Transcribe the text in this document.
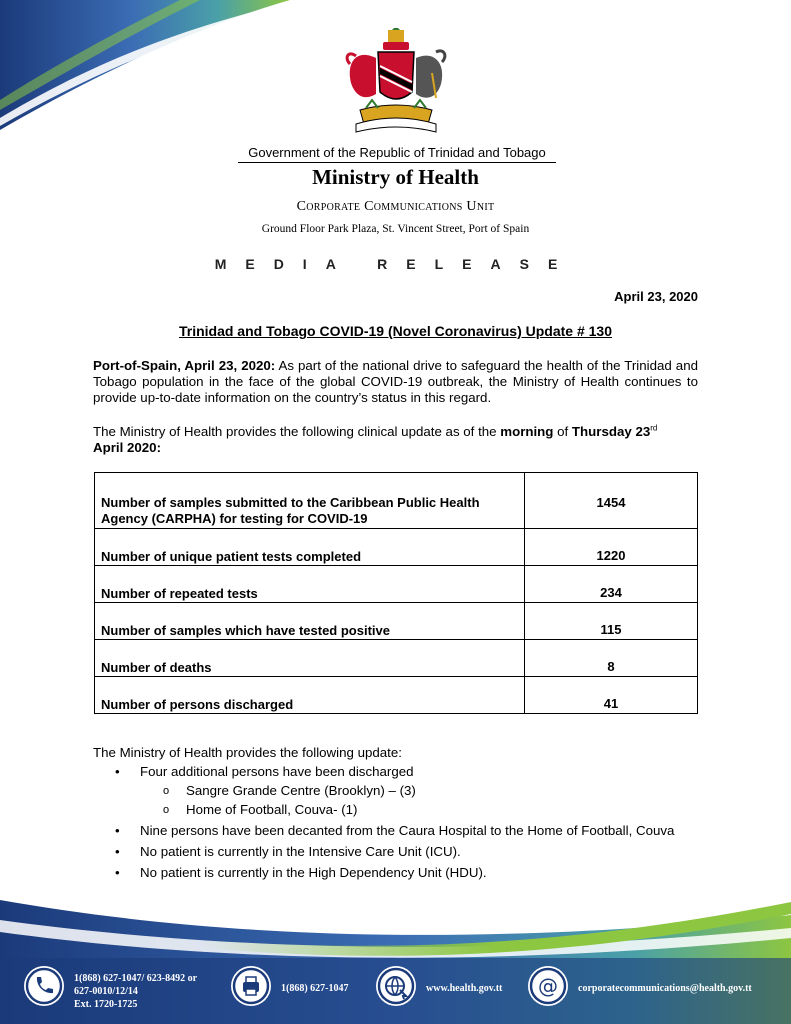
Government of the Republic of Trinidad and Tobago
Ministry of Health
Corporate Communications Unit
Ground Floor Park Plaza, St. Vincent Street, Port of Spain
MEDIA RELEASE
April 23, 2020
Trinidad and Tobago COVID-19 (Novel Coronavirus) Update # 130
Port-of-Spain, April 23, 2020: As part of the national drive to safeguard the health of the Trinidad and Tobago population in the face of the global COVID-19 outbreak, the Ministry of Health continues to provide up-to-date information on the country’s status in this regard.
The Ministry of Health provides the following clinical update as of the morning of Thursday 23rd
April 2020:
Number of samples submitted to the Caribbean Public Health Agency (CARPHA) for testing for COVID-19	1454
Number of unique patient tests completed	1220
Number of repeated tests	234
Number of samples which have tested positive	115
Number of deaths	8
Number of persons discharged	41
The Ministry of Health provides the following update:
• Four additional persons have been discharged
o Sangre Grande Centre (Brooklyn) – (3)
o Home of Football, Couva- (1)
• Nine persons have been decanted from the Caura Hospital to the Home of Football, Couva
• No patient is currently in the Intensive Care Unit (ICU).
• No patient is currently in the High Dependency Unit (HDU).
1(868) 627-1047/ 623-8492 or
627-0010/12/14
Ext. 1720-1725
1(868) 627-1047	www.health.gov.tt @ corporatecommunications@health.gov.tt
